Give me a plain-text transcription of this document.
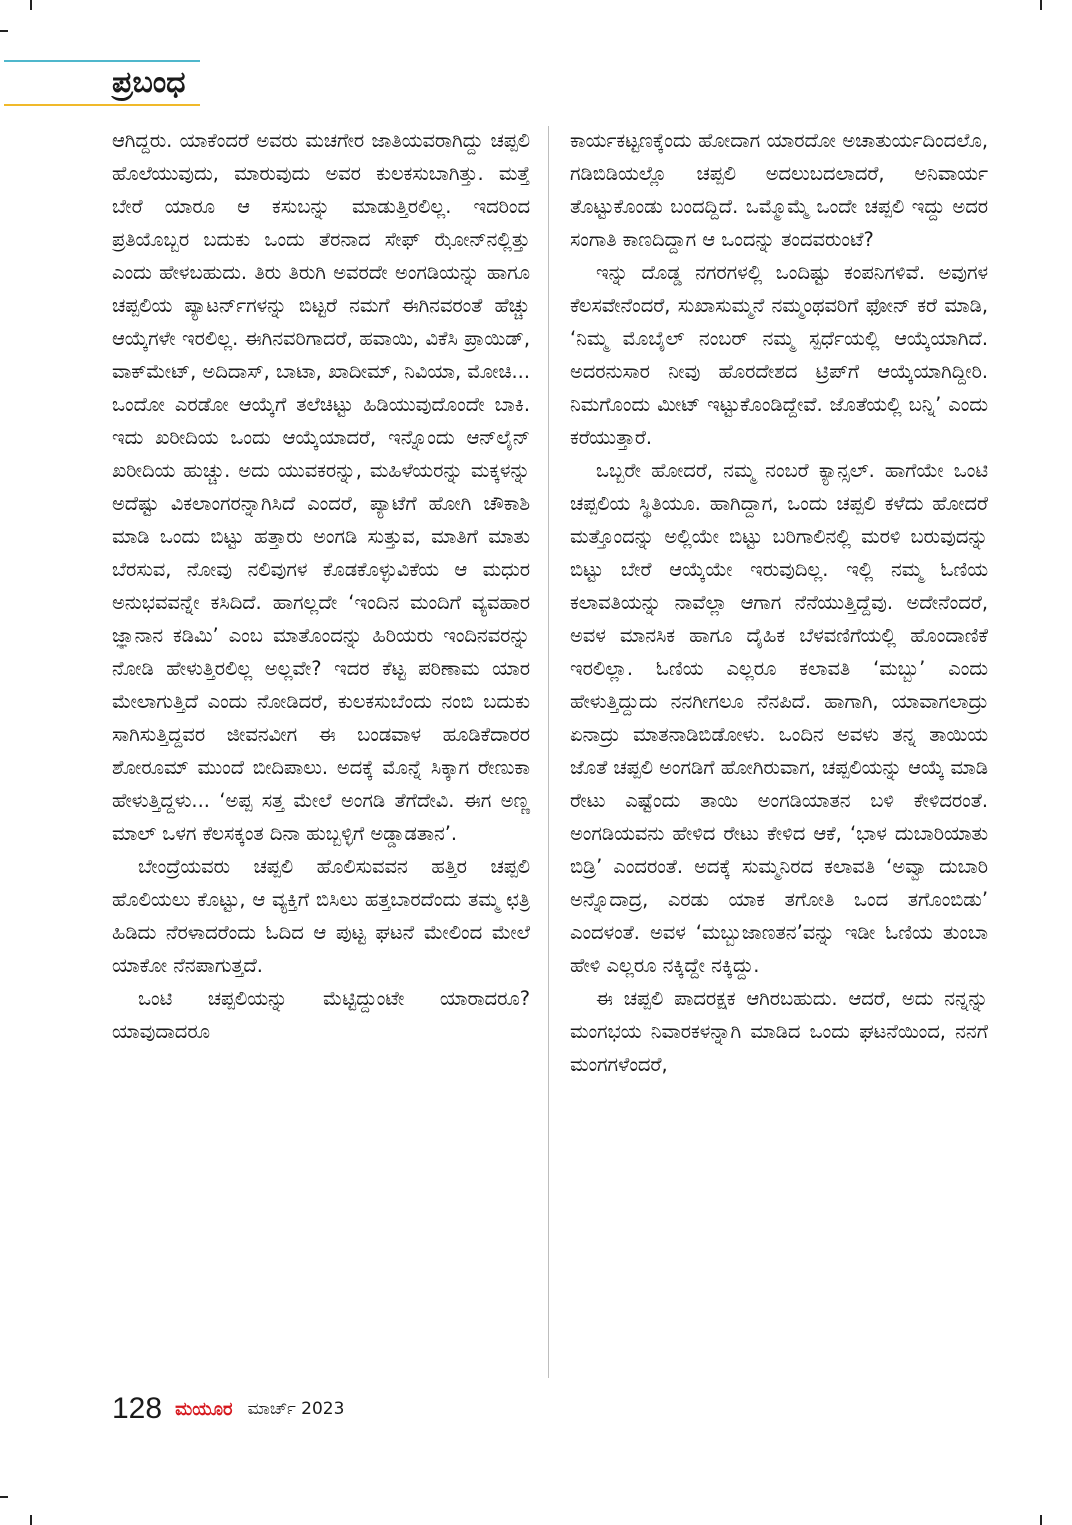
ಪ್ರಬಂಧ

ಆಗಿದ್ದರು. ಯಾಕೆಂದರೆ ಅವರು ಮಚಗೇರ ಜಾತಿಯವರಾಗಿದ್ದು ಚಪ್ಪಲಿ ಹೊಲೆಯುವುದು, ಮಾರುವುದು ಅವರ ಕುಲಕಸುಬಾಗಿತ್ತು. ಮತ್ತೆ ಬೇರೆ ಯಾರೂ ಆ ಕಸುಬನ್ನು ಮಾಡುತ್ತಿರಲಿಲ್ಲ. ಇದರಿಂದ ಪ್ರತಿಯೊಬ್ಬರ ಬದುಕು ಒಂದು ತೆರನಾದ ಸೇಫ್ ಝೋನ್‌ನಲ್ಲಿತ್ತು ಎಂದು ಹೇಳಬಹುದು. ತಿರು ತಿರುಗಿ ಅವರದೇ ಅಂಗಡಿಯನ್ನು ಹಾಗೂ ಚಪ್ಪಲಿಯ ಪ್ಯಾಟರ್ನ್‌ಗಳನ್ನು ಬಿಟ್ಟರೆ ನಮಗೆ ಈಗಿನವರಂತೆ ಹೆಚ್ಚು ಆಯ್ಕೆಗಳೇ ಇರಲಿಲ್ಲ. ಈಗಿನವರಿಗಾದರೆ, ಹವಾಯಿ, ವಿಕೆಸಿ ಪ್ರಾಯಿಡ್, ವಾಕ್‌ಮೇಟ್, ಅದಿದಾಸ್, ಬಾಟಾ, ಖಾದೀಮ್, ನಿವಿಯಾ, ಮೋಚಿ... ಒಂದೋ ಎರಡೋ ಆಯ್ಕೆಗೆ ತಲೆಚಿಟ್ಟು ಹಿಡಿಯುವುದೊಂದೇ ಬಾಕಿ. ಇದು ಖರೀದಿಯ ಒಂದು ಆಯ್ಕೆಯಾದರೆ, ಇನ್ನೊಂದು ಆನ್‌ಲೈನ್ ಖರೀದಿಯ ಹುಚ್ಚು. ಅದು ಯುವಕರನ್ನು, ಮಹಿಳೆಯರನ್ನು ಮಕ್ಕಳನ್ನು ಅದೆಷ್ಟು ವಿಕಲಾಂಗರನ್ನಾಗಿಸಿದೆ ಎಂದರೆ, ಪ್ಯಾಟೆಗೆ ಹೋಗಿ ಚೌಕಾಶಿ ಮಾಡಿ ಒಂದು ಬಿಟ್ಟು ಹತ್ತಾರು ಅಂಗಡಿ ಸುತ್ತುವ, ಮಾತಿಗೆ ಮಾತು ಬೆರಸುವ, ನೋವು ನಲಿವುಗಳ ಕೊಡಕೊಳ್ಳುವಿಕೆಯ ಆ ಮಧುರ ಅನುಭವವನ್ನೇ ಕಸಿದಿದೆ. ಹಾಗಲ್ಲದೇ ‘ಇಂದಿನ ಮಂದಿಗೆ ವ್ಯವಹಾರ ಜ್ಞಾನಾನ ಕಡಿಮಿ’ ಎಂಬ ಮಾತೊಂದನ್ನು ಹಿರಿಯರು ಇಂದಿನವರನ್ನು ನೋಡಿ ಹೇಳುತ್ತಿರಲಿಲ್ಲ ಅಲ್ಲವೇ? ಇದರ ಕೆಟ್ಟ ಪರಿಣಾಮ ಯಾರ ಮೇಲಾಗುತ್ತಿದೆ ಎಂದು ನೋಡಿದರೆ, ಕುಲಕಸುಬೆಂದು ನಂಬಿ ಬದುಕು ಸಾಗಿಸುತ್ತಿದ್ದವರ ಜೀವನವೀಗ ಈ ಬಂಡವಾಳ ಹೂಡಿಕೆದಾರರ ಶೋರೂಮ್ ಮುಂದೆ ಬೀದಿಪಾಲು. ಅದಕ್ಕೆ ಮೊನ್ನೆ ಸಿಕ್ಕಾಗ ರೇಣುಕಾ ಹೇಳುತ್ತಿದ್ದಳು... ‘ಅಪ್ಪ ಸತ್ತ ಮೇಲೆ ಅಂಗಡಿ ತೆಗೆದೇವಿ. ಈಗ ಅಣ್ಣ ಮಾಲ್ ಒಳಗ ಕೆಲಸಕ್ಕಂತ ದಿನಾ ಹುಬ್ಬಳ್ಳಿಗೆ ಅಡ್ಡಾಡತಾನ’.

ಬೇಂದ್ರೆಯವರು ಚಪ್ಪಲಿ ಹೊಲಿಸುವವನ ಹತ್ತಿರ ಚಪ್ಪಲಿ ಹೊಲಿಯಲು ಕೊಟ್ಟು, ಆ ವ್ಯಕ್ತಿಗೆ ಬಿಸಿಲು ಹತ್ತಬಾರದೆಂದು ತಮ್ಮ ಛತ್ರಿ ಹಿಡಿದು ನೆರಳಾದರೆಂದು ಓದಿದ ಆ ಪುಟ್ಟ ಘಟನೆ ಮೇಲಿಂದ ಮೇಲೆ ಯಾಕೋ ನೆನಪಾಗುತ್ತದೆ.

ಒಂಟಿ ಚಪ್ಪಲಿಯನ್ನು ಮೆಟ್ಟಿದ್ದುಂಟೇ ಯಾರಾದರೂ? ಯಾವುದಾದರೂ

ಕಾರ್ಯಕಟ್ಟಣಕ್ಕೆಂದು ಹೋದಾಗ ಯಾರದೋ ಅಚಾತುರ್ಯದಿಂದಲೊ, ಗಡಿಬಿಡಿಯಲ್ಲೊ ಚಪ್ಪಲಿ ಅದಲುಬದಲಾದರೆ, ಅನಿವಾರ್ಯ ತೊಟ್ಟುಕೊಂಡು ಬಂದದ್ದಿದೆ. ಒಮ್ಮೊಮ್ಮೆ ಒಂದೇ ಚಪ್ಪಲಿ ಇದ್ದು ಅದರ ಸಂಗಾತಿ ಕಾಣದಿದ್ದಾಗ ಆ ಒಂದನ್ನು ತಂದವರುಂಟೆ?

ಇನ್ನು ದೊಡ್ಡ ನಗರಗಳಲ್ಲಿ ಒಂದಿಷ್ಟು ಕಂಪನಿಗಳಿವೆ. ಅವುಗಳ ಕೆಲಸವೇನೆಂದರೆ, ಸುಖಾಸುಮ್ಮನೆ ನಮ್ಮಂಥವರಿಗೆ ಫೋನ್ ಕರೆ ಮಾಡಿ, ‘ನಿಮ್ಮ ಮೊಬೈಲ್ ನಂಬರ್ ನಮ್ಮ ಸ್ಪರ್ಧೆಯಲ್ಲಿ ಆಯ್ಕೆಯಾಗಿದೆ. ಅದರನುಸಾರ ನೀವು ಹೊರದೇಶದ ಟ್ರಿಪ್‌ಗೆ ಆಯ್ಕೆಯಾಗಿದ್ದೀರಿ. ನಿಮಗೊಂದು ಮೀಟ್ ಇಟ್ಟುಕೊಂಡಿದ್ದೇವೆ. ಜೊತೆಯಲ್ಲಿ ಬನ್ನಿ’ ಎಂದು ಕರೆಯುತ್ತಾರೆ.

ಒಬ್ಬರೇ ಹೋದರೆ, ನಮ್ಮ ನಂಬರೆ ಕ್ಯಾನ್ಸಲ್. ಹಾಗೆಯೇ ಒಂಟಿ ಚಪ್ಪಲಿಯ ಸ್ಥಿತಿಯೂ. ಹಾಗಿದ್ದಾಗ, ಒಂದು ಚಪ್ಪಲಿ ಕಳೆದು ಹೋದರೆ ಮತ್ತೊಂದನ್ನು ಅಲ್ಲಿಯೇ ಬಿಟ್ಟು ಬರಿಗಾಲಿನಲ್ಲಿ ಮರಳಿ ಬರುವುದನ್ನು ಬಿಟ್ಟು ಬೇರೆ ಆಯ್ಕೆಯೇ ಇರುವುದಿಲ್ಲ. ಇಲ್ಲಿ ನಮ್ಮ ಓಣಿಯ ಕಲಾವತಿಯನ್ನು ನಾವೆಲ್ಲಾ ಆಗಾಗ ನೆನೆಯುತ್ತಿದ್ದೆವು. ಅದೇನೆಂದರೆ, ಅವಳ ಮಾನಸಿಕ ಹಾಗೂ ದೈಹಿಕ ಬೆಳವಣಿಗೆಯಲ್ಲಿ ಹೊಂದಾಣಿಕೆ ಇರಲಿಲ್ಲಾ. ಓಣಿಯ ಎಲ್ಲರೂ ಕಲಾವತಿ ‘ಮಬ್ಬು’ ಎಂದು ಹೇಳುತ್ತಿದ್ದುದು ನನಗೀಗಲೂ ನೆನಪಿದೆ. ಹಾಗಾಗಿ, ಯಾವಾಗಲಾದ್ರು ಏನಾದ್ರು ಮಾತನಾಡಿಬಿಡೋಳು. ಒಂದಿನ ಅವಳು ತನ್ನ ತಾಯಿಯ ಜೊತೆ ಚಪ್ಪಲಿ ಅಂಗಡಿಗೆ ಹೋಗಿರುವಾಗ, ಚಪ್ಪಲಿಯನ್ನು ಆಯ್ಕೆ ಮಾಡಿ ರೇಟು ಎಷ್ಟೆಂದು ತಾಯಿ ಅಂಗಡಿಯಾತನ ಬಳಿ ಕೇಳಿದರಂತೆ. ಅಂಗಡಿಯವನು ಹೇಳಿದ ರೇಟು ಕೇಳಿದ ಆಕೆ, ‘ಭಾಳ ದುಬಾರಿಯಾತು ಬಿಡ್ರಿ’ ಎಂದರಂತೆ. ಅದಕ್ಕೆ ಸುಮ್ಮನಿರದ ಕಲಾವತಿ ‘ಅವ್ವಾ ದುಬಾರಿ ಅನ್ನೊದಾದ್ರ, ಎರಡು ಯಾಕ ತಗೋತಿ ಒಂದ ತಗೊಂಬಿಡು’ ಎಂದಳಂತೆ. ಅವಳ ‘ಮಬ್ಬುಜಾಣತನ’ವನ್ನು ಇಡೀ ಓಣಿಯ ತುಂಬಾ ಹೇಳಿ ಎಲ್ಲರೂ ನಕ್ಕಿದ್ದೇ ನಕ್ಕಿದ್ದು.

ಈ ಚಪ್ಪಲಿ ಪಾದರಕ್ಷಕ ಆಗಿರಬಹುದು. ಆದರೆ, ಅದು ನನ್ನನ್ನು ಮಂಗಭಯ ನಿವಾರಕಳನ್ನಾಗಿ ಮಾಡಿದ ಒಂದು ಘಟನೆಯಿಂದ, ನನಗೆ ಮಂಗಗಳೆಂದರೆ,

128 ಮಯೂರ ಮಾರ್ಚ್ 2023
